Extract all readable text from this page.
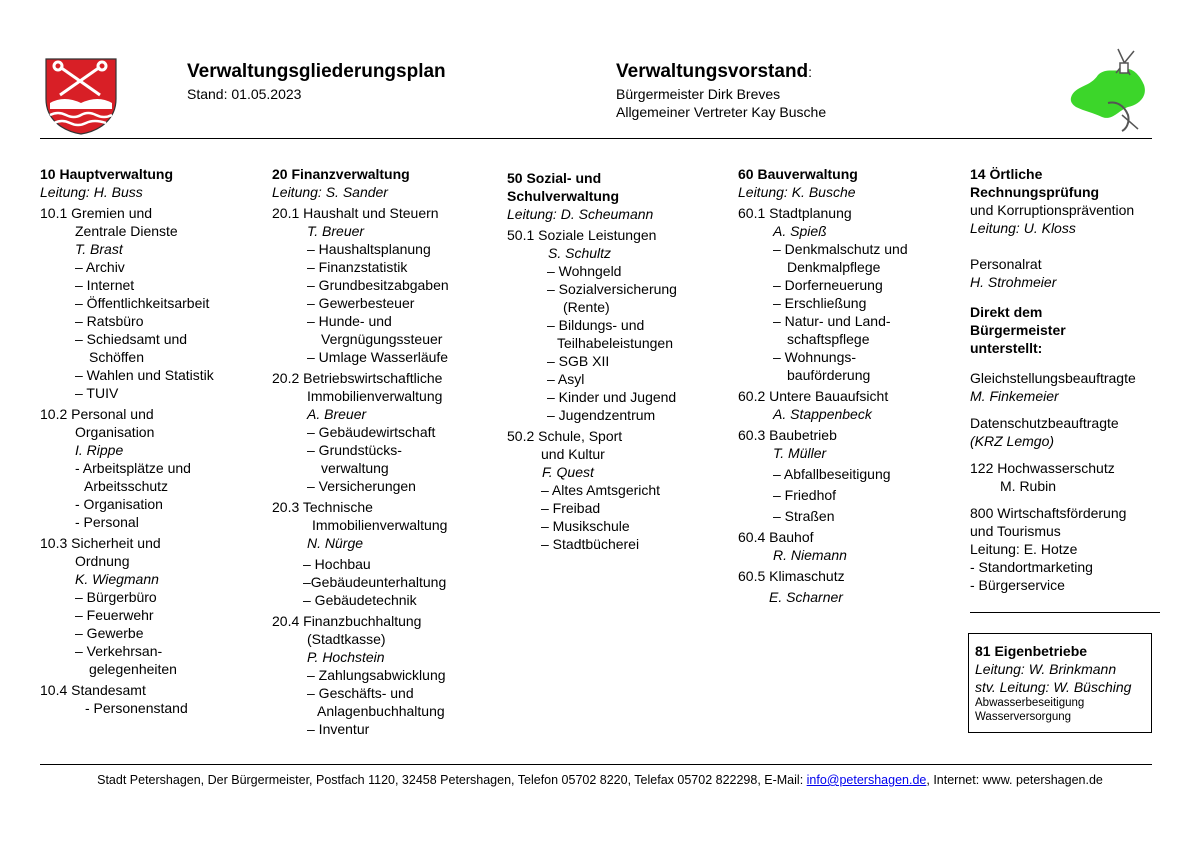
Verwaltungsgliederungsplan
Stand: 01.05.2023
Verwaltungsvorstand:
Bürgermeister Dirk Breves
Allgemeiner Vertreter Kay Busche
10 Hauptverwaltung
Leitung: H. Buss
10.1 Gremien und
Zentrale Dienste
T. Brast
– Archiv
– Internet
– Öffentlichkeitsarbeit
– Ratsbüro
– Schiedsamt und
Schöffen
– Wahlen und Statistik
– TUIV
10.2 Personal und
Organisation
I. Rippe
- Arbeitsplätze und
Arbeitsschutz
- Organisation
- Personal
10.3 Sicherheit und
Ordnung
K. Wiegmann
– Bürgerbüro
– Feuerwehr
– Gewerbe
– Verkehrsan-
gelegenheiten
10.4 Standesamt
- Personenstand
20 Finanzverwaltung
Leitung: S. Sander
20.1 Haushalt und Steuern
T. Breuer
– Haushaltsplanung
– Finanzstatistik
– Grundbesitzabgaben
– Gewerbesteuer
– Hunde- und
Vergnügungssteuer
– Umlage Wasserläufe
20.2 Betriebswirtschaftliche
Immobilienverwaltung
A. Breuer
– Gebäudewirtschaft
– Grundstücks-
verwaltung
– Versicherungen
20.3 Technische
Immobilienverwaltung
N. Nürge
– Hochbau
–Gebäudeunterhaltung
– Gebäudetechnik
20.4 Finanzbuchhaltung
(Stadtkasse)
P. Hochstein
– Zahlungsabwicklung
– Geschäfts- und
Anlagenbuchhaltung
– Inventur
50 Sozial- und
Schulverwaltung
Leitung: D. Scheumann
50.1 Soziale Leistungen
S. Schultz
– Wohngeld
– Sozialversicherung
(Rente)
– Bildungs- und
Teilhabeleistungen
– SGB XII
– Asyl
– Kinder und Jugend
– Jugendzentrum
50.2 Schule, Sport
und Kultur
F. Quest
– Altes Amtsgericht
– Freibad
– Musikschule
– Stadtbücherei
60 Bauverwaltung
Leitung: K. Busche
60.1 Stadtplanung
A. Spieß
– Denkmalschutz und
Denkmalpflege
– Dorferneuerung
– Erschließung
– Natur- und Land-
schaftspflege
– Wohnungs-
bauförderung
60.2 Untere Bauaufsicht
A. Stappenbeck
60.3 Baubetrieb
T. Müller
– Abfallbeseitigung
– Friedhof
– Straßen
60.4 Bauhof
R. Niemann
60.5 Klimaschutz
E. Scharner
14 Örtliche
Rechnungsprüfung
und Korruptionsprävention
Leitung: U. Kloss
Personalrat
H. Strohmeier
Direkt dem
Bürgermeister
unterstellt:
Gleichstellungsbeauftragte
M. Finkemeier
Datenschutzbeauftragte
(KRZ Lemgo)
122 Hochwasserschutz
M. Rubin
800 Wirtschaftsförderung
und Tourismus
Leitung: E. Hotze
- Standortmarketing
- Bürgerservice
81 Eigenbetriebe
Leitung: W. Brinkmann
stv. Leitung: W. Büsching
Abwasserbeseitigung
Wasserversorgung
Stadt Petershagen, Der Bürgermeister, Postfach 1120, 32458 Petershagen, Telefon 05702 8220, Telefax 05702 822298, E-Mail: info@petershagen.de, Internet: www. petershagen.de
